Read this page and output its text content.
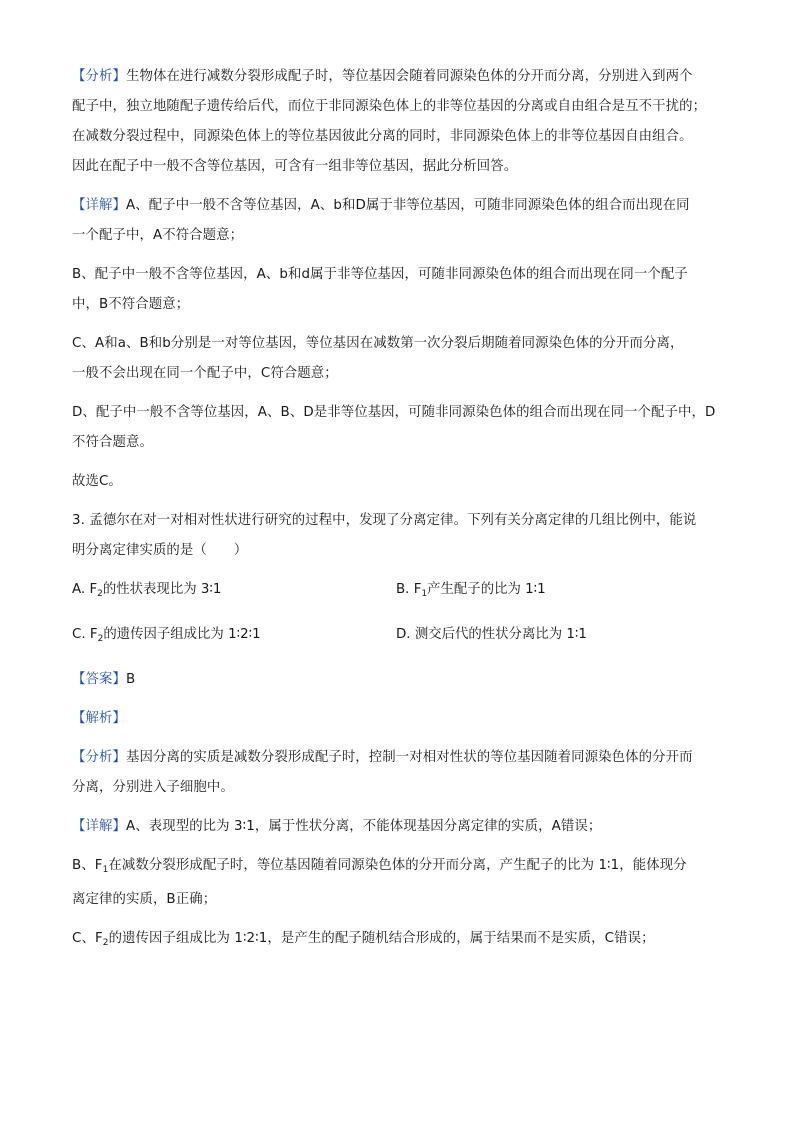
【分析】生物体在进行减数分裂形成配子时，等位基因会随着同源染色体的分开而分离，分别进入到两个

配子中，独立地随配子遗传给后代，而位于非同源染色体上的非等位基因的分离或自由组合是互不干扰的；

在减数分裂过程中，同源染色体上的等位基因彼此分离的同时，非同源染色体上的非等位基因自由组合。

因此在配子中一般不含等位基因，可含有一组非等位基因，据此分析回答。

【详解】A、配子中一般不含等位基因，A、b和D属于非等位基因，可随非同源染色体的组合而出现在同

一个配子中，A不符合题意；

B、配子中一般不含等位基因，A、b和d属于非等位基因，可随非同源染色体的组合而出现在同一个配子

中，B不符合题意；

C、A和a、B和b分别是一对等位基因，等位基因在减数第一次分裂后期随着同源染色体的分开而分离，

一般不会出现在同一个配子中，C符合题意；

D、配子中一般不含等位基因，A、B、D是非等位基因，可随非同源染色体的组合而出现在同一个配子中，D

不符合题意。

故选C。

3. 孟德尔在对一对相对性状进行研究的过程中，发现了分离定律。下列有关分离定律的几组比例中，能说

明分离定律实质的是（　　）

A. $F_2$的性状表现比为 3∶1	B. $F_1$产生配子的比为 1∶1
C. $F_2$的遗传因子组成比为 1∶2∶1	D. 测交后代的性状分离比为 1∶1

【答案】B

【解析】

【分析】基因分离的实质是减数分裂形成配子时，控制一对相对性状的等位基因随着同源染色体的分开而

分离，分别进入子细胞中。

【详解】A、表现型的比为 3∶1，属于性状分离，不能体现基因分离定律的实质，A错误；

B、$F_1$在减数分裂形成配子时，等位基因随着同源染色体的分开而分离，产生配子的比为 1∶1，能体现分

离定律的实质，B正确；

C、$F_2$的遗传因子组成比为 1∶2∶1，是产生的配子随机结合形成的，属于结果而不是实质，C错误；
